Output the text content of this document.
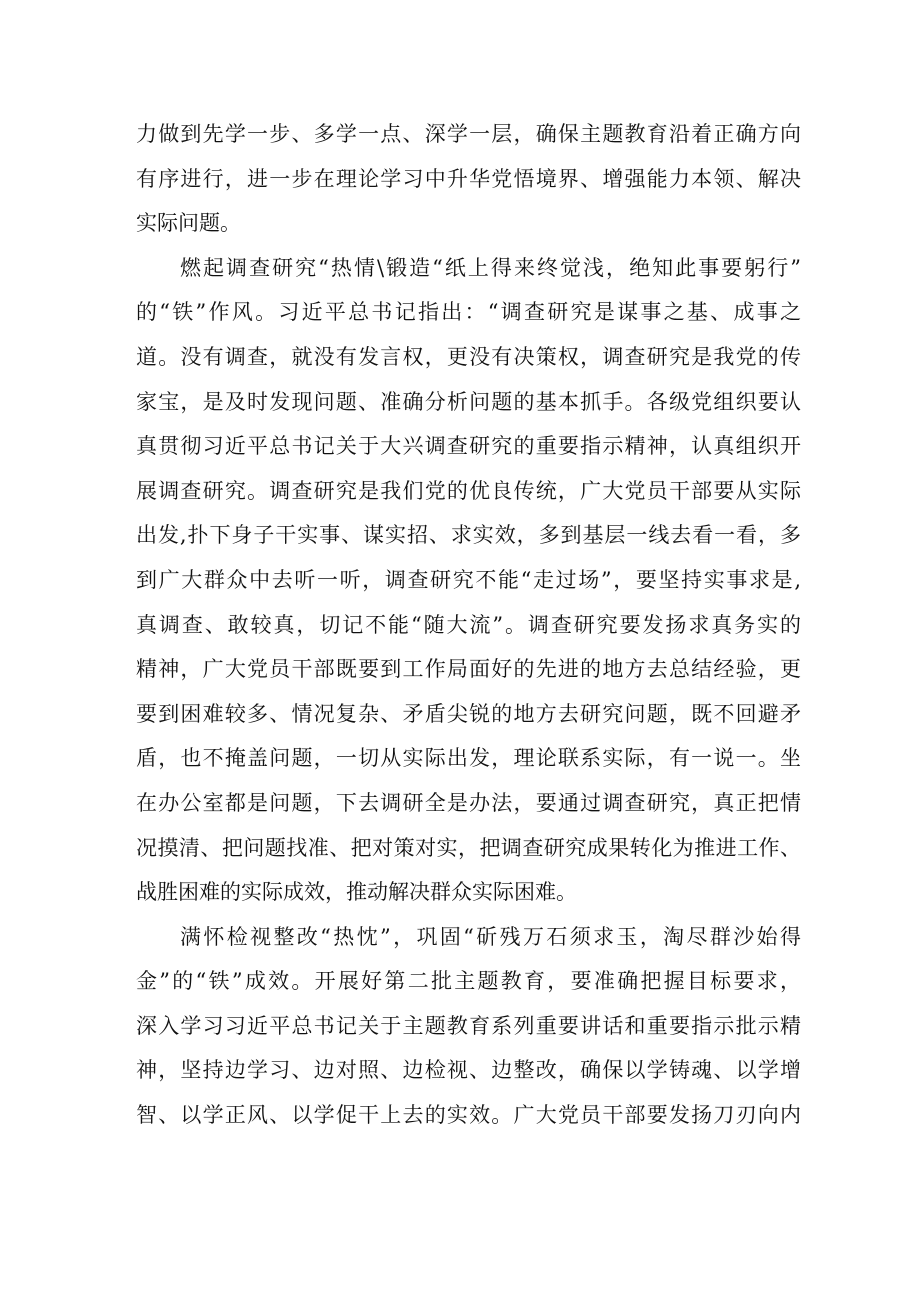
力做到先学一步、多学一点、深学一层，确保主题教育沿着正确方向
有序进行，进一步在理论学习中升华党悟境界、增强能力本领、解决
实际问题。
燃起调查研究“热情\锻造“纸上得来终觉浅，绝知此事要躬行”
的“铁”作风。习近平总书记指出：“调查研究是谋事之基、成事之
道。没有调查，就没有发言权，更没有决策权，调查研究是我党的传
家宝，是及时发现问题、准确分析问题的基本抓手。各级党组织要认
真贯彻习近平总书记关于大兴调查研究的重要指示精神，认真组织开
展调查研究。调查研究是我们党的优良传统，广大党员干部要从实际
出发,扑下身子干实事、谋实招、求实效，多到基层一线去看一看，多
到广大群众中去听一听，调查研究不能“走过场”，要坚持实事求是,
真调查、敢较真，切记不能“随大流”。调查研究要发扬求真务实的
精神，广大党员干部既要到工作局面好的先进的地方去总结经验，更
要到困难较多、情况复杂、矛盾尖锐的地方去研究问题，既不回避矛
盾，也不掩盖问题，一切从实际出发，理论联系实际，有一说一。坐
在办公室都是问题，下去调研全是办法，要通过调查研究，真正把情
况摸清、把问题找准、把对策对实，把调查研究成果转化为推进工作、
战胜困难的实际成效，推动解决群众实际困难。
满怀检视整改“热忱”，巩固“斫残万石须求玉，淘尽群沙始得
金”的“铁”成效。开展好第二批主题教育，要准确把握目标要求，
深入学习习近平总书记关于主题教育系列重要讲话和重要指示批示精
神，坚持边学习、边对照、边检视、边整改，确保以学铸魂、以学增
智、以学正风、以学促干上去的实效。广大党员干部要发扬刀刃向内
